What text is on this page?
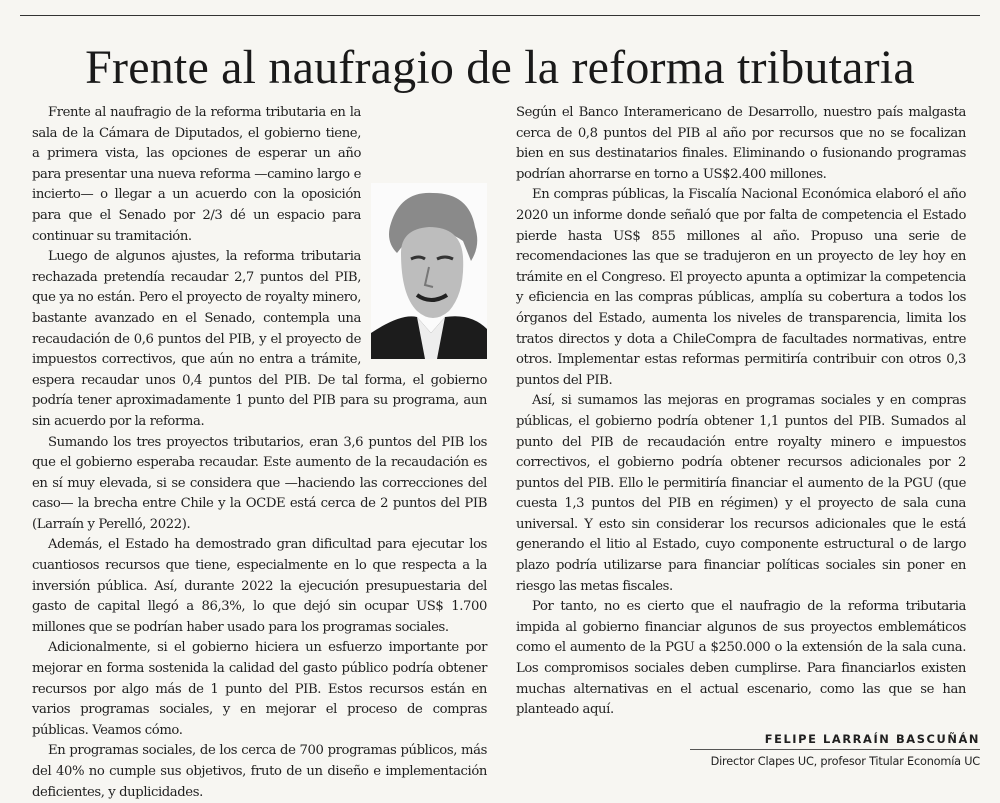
Frente al naufragio de la reforma tributaria

Frente al naufragio de la reforma tributaria en la sala de la Cámara de Diputados, el gobierno tiene, a primera vista, las opciones de esperar un año para presentar una nueva reforma —camino largo e incierto— o llegar a un acuerdo con la oposición para que el Senado por 2/3 dé un espacio para continuar su tramitación.

Luego de algunos ajustes, la reforma tributaria rechazada pretendía recaudar 2,7 puntos del PIB, que ya no están. Pero el proyecto de royalty minero, bastante avanzado en el Senado, contempla una recaudación de 0,6 puntos del PIB, y el proyecto de impuestos correctivos, que aún no entra a trámite, espera recaudar unos 0,4 puntos del PIB. De tal forma, el gobierno podría tener aproximadamente 1 punto del PIB para su programa, aun sin acuerdo por la reforma.

Sumando los tres proyectos tributarios, eran 3,6 puntos del PIB los que el gobierno esperaba recaudar. Este aumento de la recaudación es en sí muy elevada, si se considera que —haciendo las correcciones del caso— la brecha entre Chile y la OCDE está cerca de 2 puntos del PIB (Larraín y Perelló, 2022).

Además, el Estado ha demostrado gran dificultad para ejecutar los cuantiosos recursos que tiene, especialmente en lo que respecta a la inversión pública. Así, durante 2022 la ejecución presupuestaria del gasto de capital llegó a 86,3%, lo que dejó sin ocupar US$ 1.700 millones que se podrían haber usado para los programas sociales.

Adicionalmente, si el gobierno hiciera un esfuerzo importante por mejorar en forma sostenida la calidad del gasto público podría obtener recursos por algo más de 1 punto del PIB. Estos recursos están en varios programas sociales, y en mejorar el proceso de compras públicas. Veamos cómo.

En programas sociales, de los cerca de 700 programas públicos, más del 40% no cumple sus objetivos, fruto de un diseño e implementación deficientes, y duplicidades.

Según el Banco Interamericano de Desarrollo, nuestro país malgasta cerca de 0,8 puntos del PIB al año por recursos que no se focalizan bien en sus destinatarios finales. Eliminando o fusionando programas podrían ahorrarse en torno a US$2.400 millones.

En compras públicas, la Fiscalía Nacional Económica elaboró el año 2020 un informe donde señaló que por falta de competencia el Estado pierde hasta US$ 855 millones al año. Propuso una serie de recomendaciones las que se tradujeron en un proyecto de ley hoy en trámite en el Congreso. El proyecto apunta a optimizar la competencia y eficiencia en las compras públicas, amplía su cobertura a todos los órganos del Estado, aumenta los niveles de transparencia, limita los tratos directos y dota a ChileCompra de facultades normativas, entre otros. Implementar estas reformas permitiría contribuir con otros 0,3 puntos del PIB.

Así, si sumamos las mejoras en programas sociales y en compras públicas, el gobierno podría obtener 1,1 puntos del PIB. Sumados al punto del PIB de recaudación entre royalty minero e impuestos correctivos, el gobierno podría obtener recursos adicionales por 2 puntos del PIB. Ello le permitiría financiar el aumento de la PGU (que cuesta 1,3 puntos del PIB en régimen) y el proyecto de sala cuna universal. Y esto sin considerar los recursos adicionales que le está generando el litio al Estado, cuyo componente estructural o de largo plazo podría utilizarse para financiar políticas sociales sin poner en riesgo las metas fiscales.

Por tanto, no es cierto que el naufragio de la reforma tributaria impida al gobierno financiar algunos de sus proyectos emblemáticos como el aumento de la PGU a $250.000 o la extensión de la sala cuna. Los compromisos sociales deben cumplirse. Para financiarlos existen muchas alternativas en el actual escenario, como las que se han planteado aquí.

FELIPE LARRAÍN BASCUÑÁN
Director Clapes UC, profesor Titular Economía UC
